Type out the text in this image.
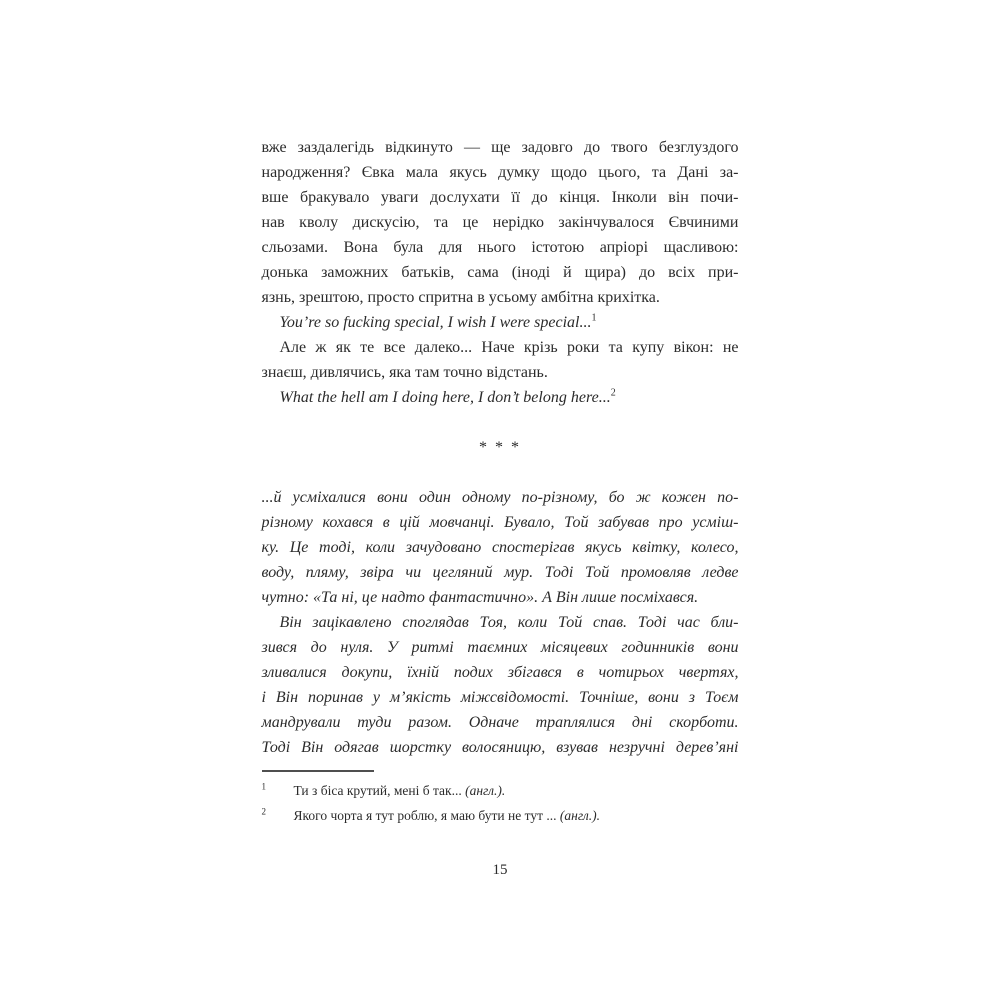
вже заздалегідь відкинуто — ще задовго до твого безглуздого
народження? Євка мала якусь думку щодо цього, та Дані за-
вше бракувало уваги дослухати її до кінця. Інколи він почи-
нав кволу дискусію, та це нерідко закінчувалося Євчиними
сльозами. Вона була для нього істотою апріорі щасливою:
донька заможних батьків, сама (іноді й щира) до всіх при-
язнь, зрештою, просто спритна в усьому амбітна крихітка.
You’re so fucking special, I wish I were special...$^1$
Але ж як те все далеко... Наче крізь роки та купу вікон: не
знаєш, дивлячись, яка там точно відстань.
What the hell am I doing here, I don’t belong here...$^2$
* * *
...й усміхалися вони один одному по-різному, бо ж кожен по-
різному кохався в цій мовчанці. Бувало, Той забував про усміш-
ку. Це тоді, коли зачудовано спостерігав якусь квітку, колесо,
воду, пляму, звіра чи цегляний мур. Тоді Той промовляв ледве
чутно: «Та ні, це надто фантастично». А Він лише посміхався.
Він зацікавлено споглядав Тоя, коли Той спав. Тоді час бли-
зився до нуля. У ритмі таємних місяцевих годинників вони
зливалися докупи, їхній подих збігався в чотирьох чвертях,
і Він поринав у м’якість міжсвідомості. Точніше, вони з Тоєм
мандрували туди разом. Одначе траплялися дні скорботи.
Тоді Він одягав шорстку волосяницю, взував незручні дерев’яні
$^1$	Ти з біса крутий, мені б так... (англ.).
$^2$	Якого чорта я тут роблю, я маю бути не тут ... (англ.).
15
